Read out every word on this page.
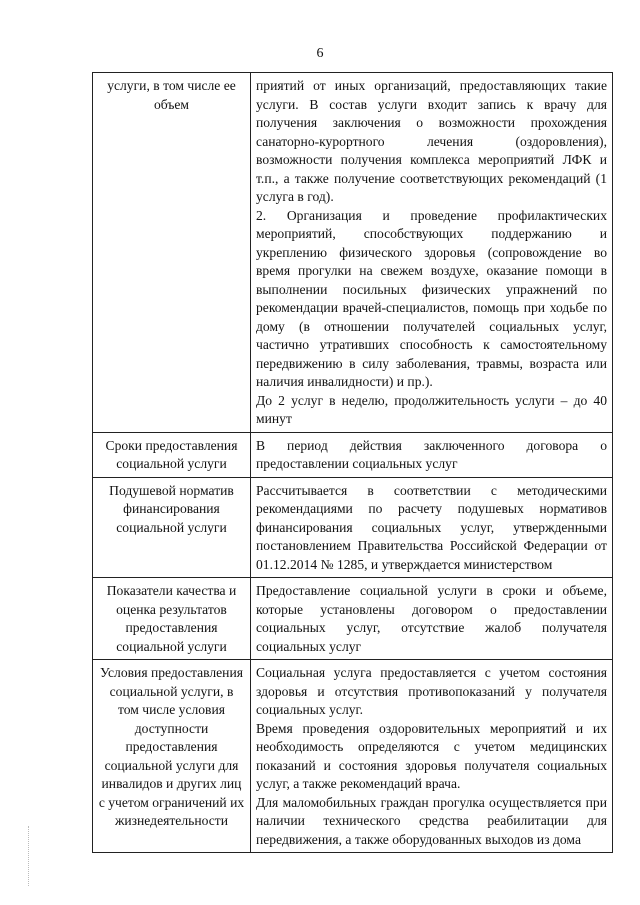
6
услуги, в том числе ее объем	приятий от иных организаций, предоставляющих такие услуги. В состав услуги входит запись к врачу для получения заключения о возможности прохождения санаторно-курортного лечения (оздоровления), возможности получения комплекса мероприятий ЛФК и т.п., а также получение соответствующих рекомендаций (1 услуга в год).

2. Организация и проведение профилактических мероприятий, способствующих поддержанию и укреплению физического здоровья (сопровождение во время прогулки на свежем воздухе, оказание помощи в выполнении посильных физических упражнений по рекомендации врачей-специалистов, помощь при ходьбе по дому (в отношении получателей социальных услуг, частично утративших способность к самостоятельному передвижению в силу заболевания, травмы, возраста или наличия инвалидности) и пр.).

До 2 услуг в неделю, продолжительность услуги – до 40 минут

Сроки предоставления социальной услуги	В период действия заключенного договора о предоставлении социальных услуг

Подушевой норматив финансирования социальной услуги	Рассчитывается в соответствии с методическими рекомендациями по расчету подушевых нормативов финансирования социальных услуг, утвержденными постановлением Правительства Российской Федерации от 01.12.2014 № 1285, и утверждается министерством

Показатели качества и оценка результатов предоставления социальной услуги	Предоставление социальной услуги в сроки и объеме, которые установлены договором о предоставлении социальных услуг, отсутствие жалоб получателя социальных услуг

Условия предоставления социальной услуги, в том числе условия доступности предоставления социальной услуги для инвалидов и других лиц с учетом ограничений их жизнедеятельности	Социальная услуга предоставляется с учетом состояния здоровья и отсутствия противопоказаний у получателя социальных услуг.

Время проведения оздоровительных мероприятий и их необходимость определяются с учетом медицинских показаний и состояния здоровья получателя социальных услуг, а также рекомендаций врача.

Для маломобильных граждан прогулка осуществляется при наличии технического средства реабилитации для передвижения, а также оборудованных выходов из дома
